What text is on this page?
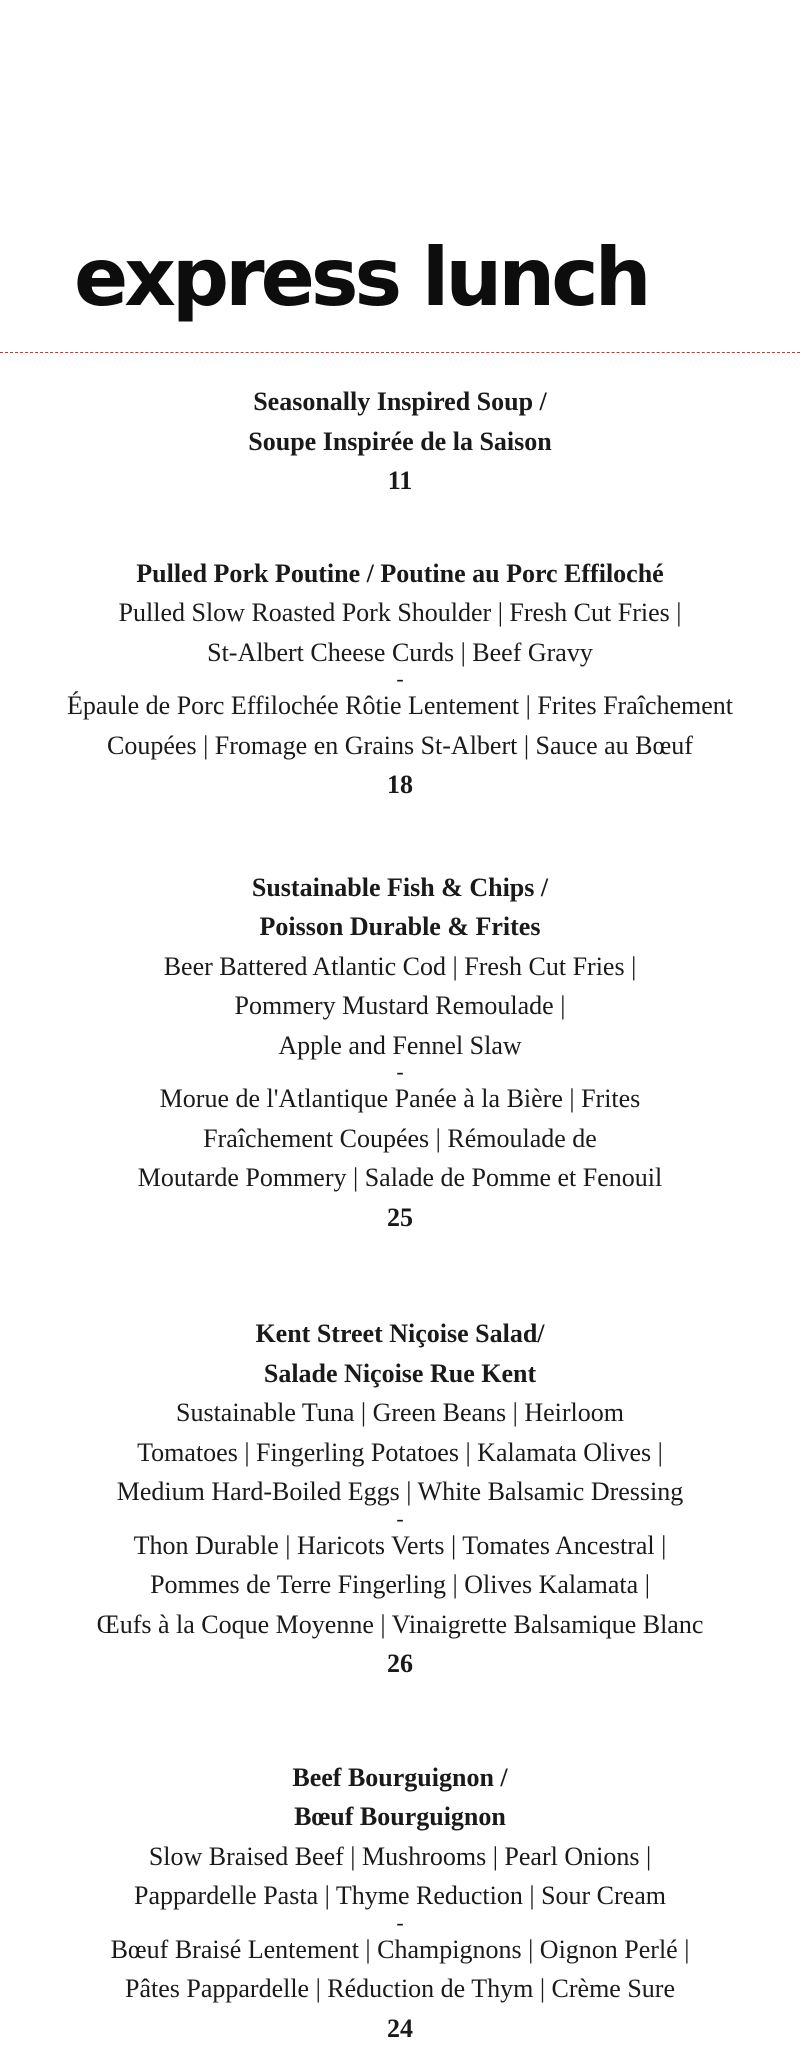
express lunch
Seasonally Inspired Soup /
Soupe Inspirée de la Saison
11
Pulled Pork Poutine / Poutine au Porc Effiloché
Pulled Slow Roasted Pork Shoulder | Fresh Cut Fries |
St-Albert Cheese Curds | Beef Gravy
-
Épaule de Porc Effilochée Rôtie Lentement | Frites Fraîchement
Coupées | Fromage en Grains St-Albert | Sauce au Bœuf
18
Sustainable Fish & Chips /
Poisson Durable & Frites
Beer Battered Atlantic Cod | Fresh Cut Fries |
Pommery Mustard Remoulade |
Apple and Fennel Slaw
-
Morue de l'Atlantique Panée à la Bière | Frites
Fraîchement Coupées | Rémoulade de
Moutarde Pommery | Salade de Pomme et Fenouil
25
Kent Street Niçoise Salad/
Salade Niçoise Rue Kent
Sustainable Tuna | Green Beans | Heirloom
Tomatoes | Fingerling Potatoes | Kalamata Olives |
Medium Hard-Boiled Eggs | White Balsamic Dressing
-
Thon Durable | Haricots Verts | Tomates Ancestral |
Pommes de Terre Fingerling | Olives Kalamata |
Œufs à la Coque Moyenne | Vinaigrette Balsamique Blanc
26
Beef Bourguignon /
Bœuf Bourguignon
Slow Braised Beef | Mushrooms | Pearl Onions |
Pappardelle Pasta | Thyme Reduction | Sour Cream
-
Bœuf Braisé Lentement | Champignons | Oignon Perlé |
Pâtes Pappardelle | Réduction de Thym | Crème Sure
24
